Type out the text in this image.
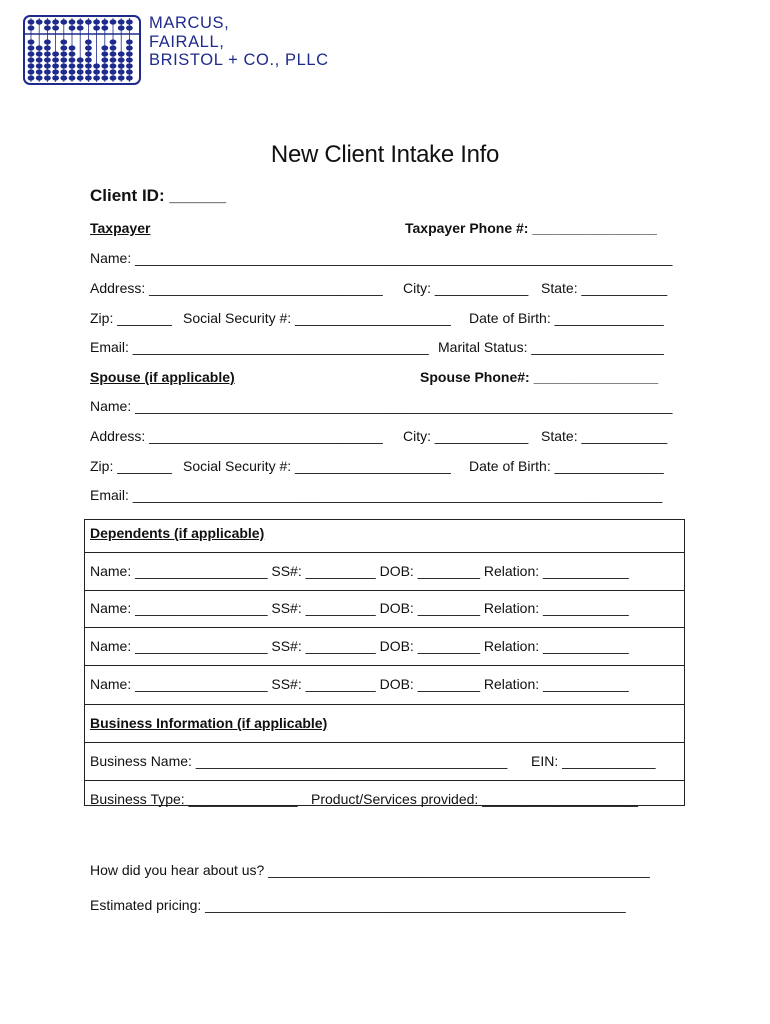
MARCUS,
FAIRALL,
BRISTOL + CO., PLLC
New Client Intake Info
Client ID: ______
Taxpayer	Taxpayer Phone #: ________________
Name: _____________________________________________________________________
Address: ______________________________ City: ____________ State: ___________
Zip: _______ Social Security #: ____________________ Date of Birth: ______________
Email: ______________________________________ Marital Status: _________________
Spouse (if applicable)	Spouse Phone#: ________________
Name: _____________________________________________________________________
Address: ______________________________ City: ____________ State: ___________
Zip: _______ Social Security #: ____________________ Date of Birth: ______________
Email: ____________________________________________________________________
Dependents (if applicable)
Name: _________________ SS#: _________ DOB: ________ Relation: ___________
Name: _________________ SS#: _________ DOB: ________ Relation: ___________
Name: _________________ SS#: _________ DOB: ________ Relation: ___________
Name: _________________ SS#: _________ DOB: ________ Relation: ___________
Business Information (if applicable)
Business Name: ________________________________________ EIN: ____________
Business Type: ______________ Product/Services provided: ____________________
How did you hear about us? _________________________________________________
Estimated pricing: ______________________________________________________
